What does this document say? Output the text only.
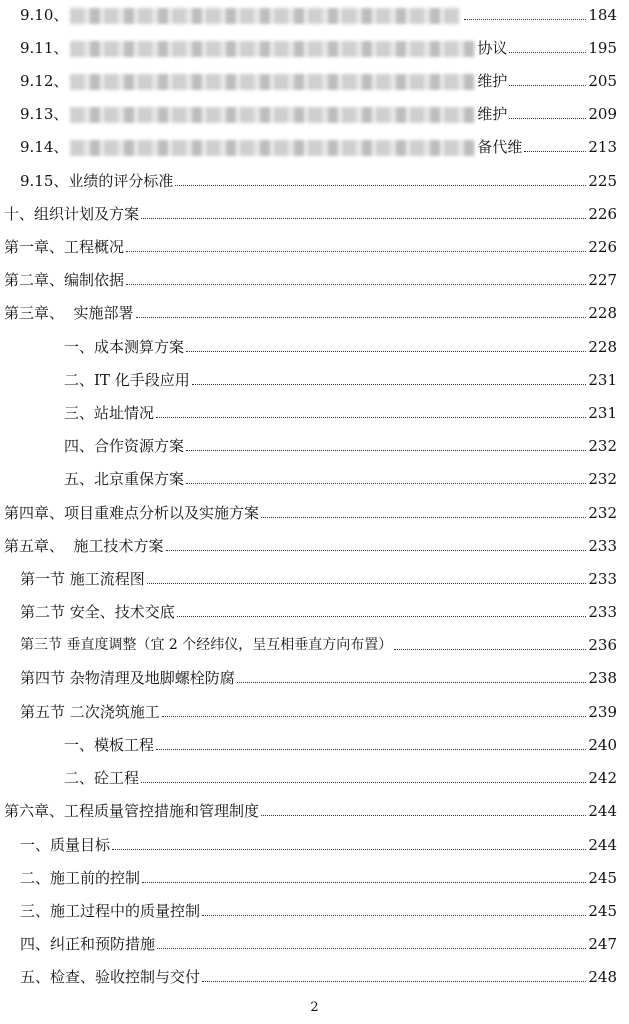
9.10、	184
9.11、	协议	195
9.12、	维护	205
9.13、	维护	209
9.14、	备代维	213
9.15、业绩的评分标准	225
十、组织计划及方案	226
第一章、工程概况	226
第二章、编制依据	227
第三章、  实施部署	228
一、成本测算方案	228
二、IT 化手段应用	231
三、站址情况	231
四、合作资源方案	232
五、北京重保方案	232
第四章、项目重难点分析以及实施方案	232
第五章、  施工技术方案	233
第一节 施工流程图	233
第二节 安全、技术交底	233
第三节 垂直度调整（宜 2 个经纬仪，呈互相垂直方向布置）	236
第四节 杂物清理及地脚螺栓防腐	238
第五节 二次浇筑施工	239
一、模板工程	240
二、砼工程	242
第六章、工程质量管控措施和管理制度	244
一、质量目标	244
二、施工前的控制	245
三、施工过程中的质量控制	245
四、纠正和预防措施	247
五、检查、验收控制与交付	248
2
